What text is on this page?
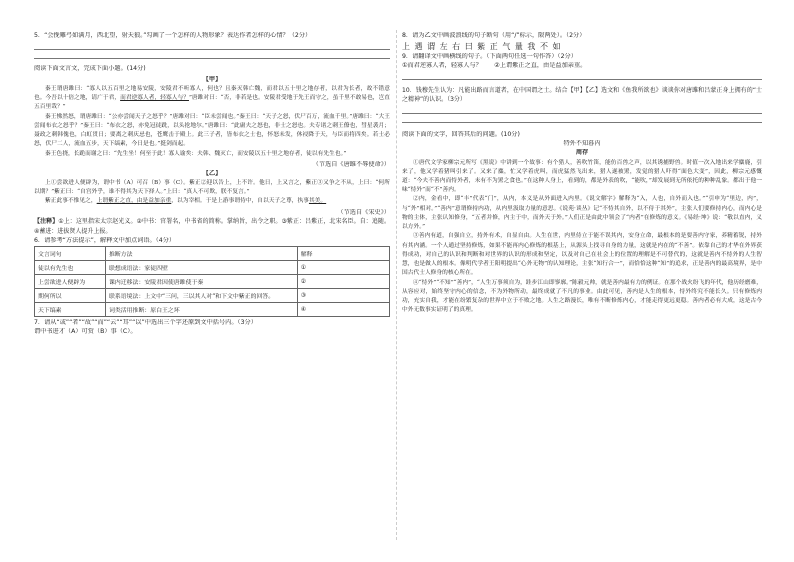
5．“会挽雕弓如满月，西北望，射天狼。”勾画了一个怎样的人物形象？表达作者怎样的心情？（2分）
阅读下面文言文，完成下面小题。(14分)
【甲】
秦王谓唐雎曰：“寡人以五百里之地易安陵，安陵君不听寡人，何也？且秦灭韩亡魏，而君以五十里之地存者，以君为长者，故不错意也。今吾以十倍之地，请广于君，而君逆寡人者，轻寡人与？”唐雎对曰：“否，非若是也。安陵君受地于先王而守之，虽千里不敢易也，岂直五百里哉？”
秦王怫然怒，谓唐雎曰：“公亦尝闻天子之怒乎？”唐雎对曰：“臣未尝闻也。”秦王曰：“天子之怒，伏尸百万，流血千里。”唐雎曰：“大王尝闻布衣之怒乎？”秦王曰：“布衣之怒，亦免冠徒跣，以头抢地尔。”唐雎曰：“此庸夫之怒也，非士之怒也。夫专诸之刺王僚也，彗星袭月；聂政之刺韩傀也，白虹贯日；要离之刺庆忌也，苍鹰击于殿上。此三子者，皆布衣之士也，怀怒未发，休祲降于天，与臣而将四矣。若士必怒，伏尸二人，流血五步，天下缟素，今日是也。”挺剑而起。
秦王色挠，长跪而谢之曰：“先生坐！何至于此！寡人谕矣：夫韩、魏灭亡，而安陵以五十里之地存者，徒以有先生也。”
（节选自《唐雎不辱使命》）
【乙】
上①尝欲进人便辟为，谓中书（A）可召（B）事（C）。紫正②迎以告上，上不许。他日，上又言之，紫正③又争之不从，上曰：“何所以期？”紫正曰：“自宫外乎，谁不得其为天下择人。”上曰：“真人不可欺，朕不复言。”
紫正此事不惟见之，上谓紫正之直，由是益加亲重，以为宰相。于是上游事谓侍中，自以天子之尊，执事其美。
（节选自《宋史》）
【注释】①上：这里指宋太宗赵光义。②中书：官署名，中书省的简称。掌纳旨，出令之职。③紫正：吕紫正，北宋名臣。自：追随。④蓄进：进拔贤人提升上报。
6．请参考“方法提示”，解释文中加点词语。（4分）
文言词句	推断方法	解释
徒以有先生也	联想成语法：家徒四壁	①
上尝欲进人便辟为	课内迁移法：安陵君因使唐雎使于秦	②
期何所以	联系语境法：上文中“三问，三以其人对”和下文中紫正的回答。	③
天下缟素	词类活用推断：原白王之坏	④
7．请从“或”“者”“故”“而”“云”“耳”“以”中选出三个字还原到文中括号内。（3分）
谓中书进才（A）可赏（B）事（C）。
8．请为乙文中画波浪线的句子断句（用“/”标示，限两处）。（2分）
上 遇 谓 左 右 曰 紫 正 气 量 我 不 如
9．请翻译文中画横线的句子。（下面两句任选一句作答）（2分）
①而君逆寡人者，轻寡人与？　　②上谓紫正之直，由是益加亲重。
10．钱穆先生认为：凡能出路而言道者，在中国谓之士。结合【甲】【乙】选文和《鱼我所欲也》谈谈你对唐雎和吕蒙正身上拥有的“士之精神”的认识。（3分）
阅读下面的文字，回答其后的问题。(10分)
特外不知暮内
周存
①唐代文学家柳宗元所写《黑说》中讲到一个故事：有个猎人，善吹竹笛，能仿百兽之声，以其诱捕野兽。时值一次入地出来学麋鹿，引来了，他又学着猪叫引来了。又来了麋，忙又学着虎叫，而虎猛然飞出来，猎人遂被罴，发觉的猎人吓得“面色大变”，因此，柳宗元感慨道：“今夫不善内而恃外者，未有不为罴之食也。”在这种人身上，看到的，都是外表的吹，“能吹，”却发展到无所依托的种种乱象。都出于他一味“恃外”而“不”善内。
②内，金看中，即“丰”代表“门”，从内，本义是从外面进入内里。《说文解字》解释为“入，人也，自外而入也。”“引申为“里边，内”，与“外”相对。”“善内”意谓修持内功，从内里汲取力量的意思。《说苑·谈丛》记“不恃其自外，以不侍于其外”，主张人们要修持内心，而内心是物的主体，主张认知修身，“五者并修，内主于中，而外天于外。”人们正是由此中领会了“内者”在修炼的意义。《易经·坤》说：“敬以直内，义以方外。”
③善内有道，自强自立，持外有术，自显自由。人生在世，内里侍立于能不误其内，安身立命，最根本的是要善内守家，养精蓄锐，持外有其内涵。一个人通过坚持修炼，如果不能再内心修炼的根基上，从源头上找寻自身的力量，这就是内在的“不善”。依靠自己的才华在外界获得成功，对自己的认识和判断和对世界的认识的形成和坚定，以及对自己在社会上的位置的理解是不可替代的，这就是善内不恃外的人生智慧，也是做人的根本。像明代学者王阳明提出“心外无物”的认知理论，主张“知行合一”，而恰恰这种“知”的追求，正是善内的最高境界，是中国古代士人修身的核心所在。
④“恃外”“不知”“善内”，“人生万事须自为，跬步江山即寥廓。”陈毅元帅，就是善内最有力的例证。在那个战火纷飞的年代，他历经磨难，从容应对，始终坚守内心的信念，不为外物所动，最终成就了不凡的事业。由此可见，善内是人生的根本，恃外终究不能长久。只有修炼内功，充实自我，才能在纷繁复杂的世界中立于不败之地。人生之路漫长，唯有不断修炼内心，才能走得更远更稳。善内者必有大成，这是古今中外无数事实证明了的真理。
